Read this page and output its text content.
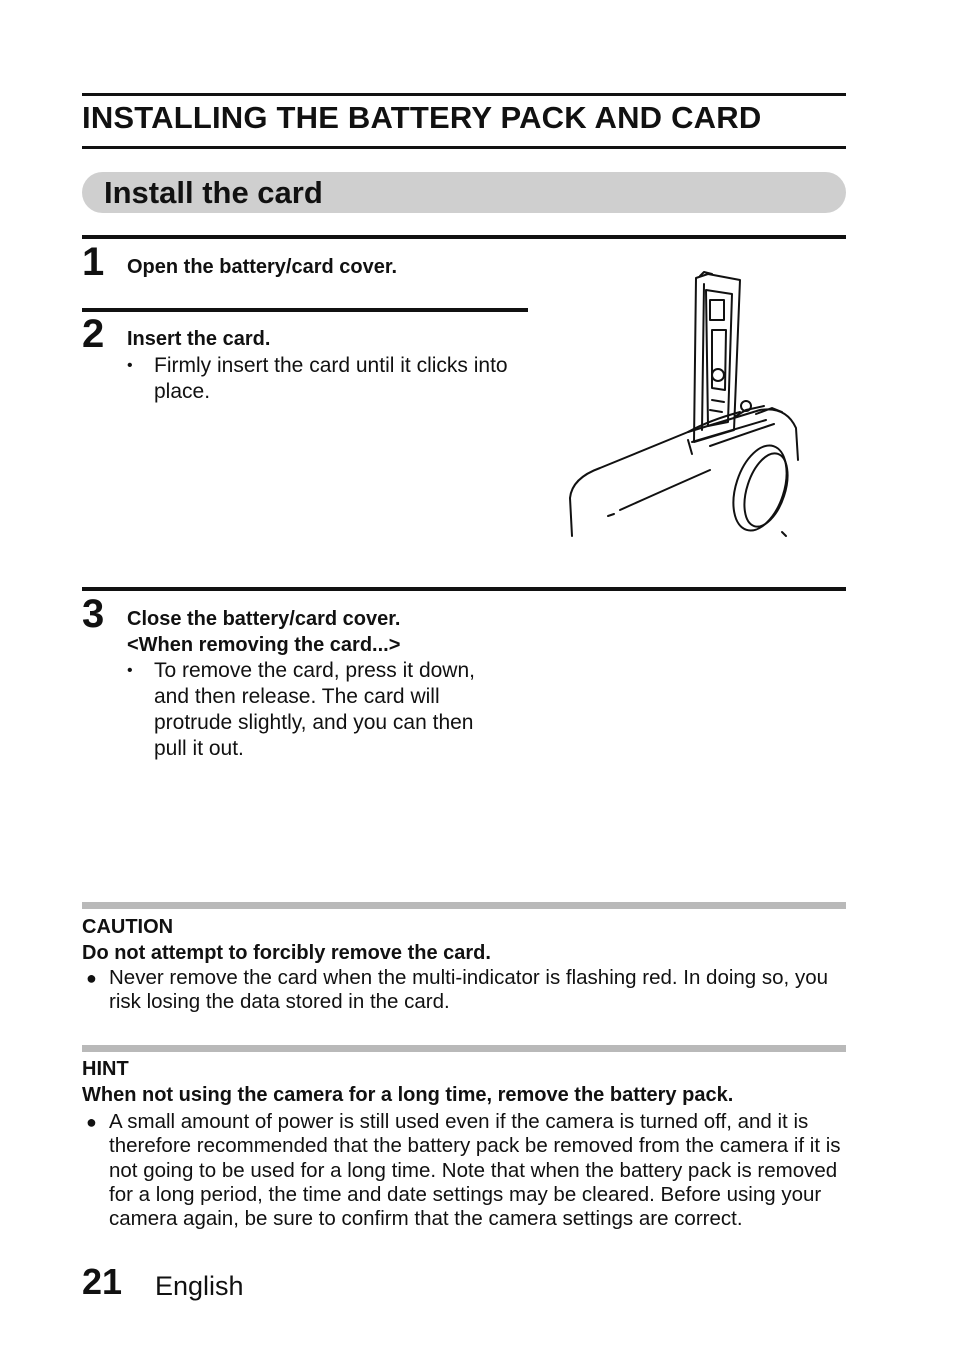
INSTALLING THE BATTERY PACK AND CARD
Install the card
1 Open the battery/card cover.
2 Insert the card.
• Firmly insert the card until it clicks into place.
3 Close the battery/card cover.
<When removing the card...>
• To remove the card, press it down, and then release. The card will protrude slightly, and you can then pull it out.
CAUTION
Do not attempt to forcibly remove the card.
● Never remove the card when the multi-indicator is flashing red. In doing so, you risk losing the data stored in the card.
HINT
When not using the camera for a long time, remove the battery pack.
● A small amount of power is still used even if the camera is turned off, and it is therefore recommended that the battery pack be removed from the camera if it is not going to be used for a long time. Note that when the battery pack is removed for a long period, the time and date settings may be cleared. Before using your camera again, be sure to confirm that the camera settings are correct.
21 English
